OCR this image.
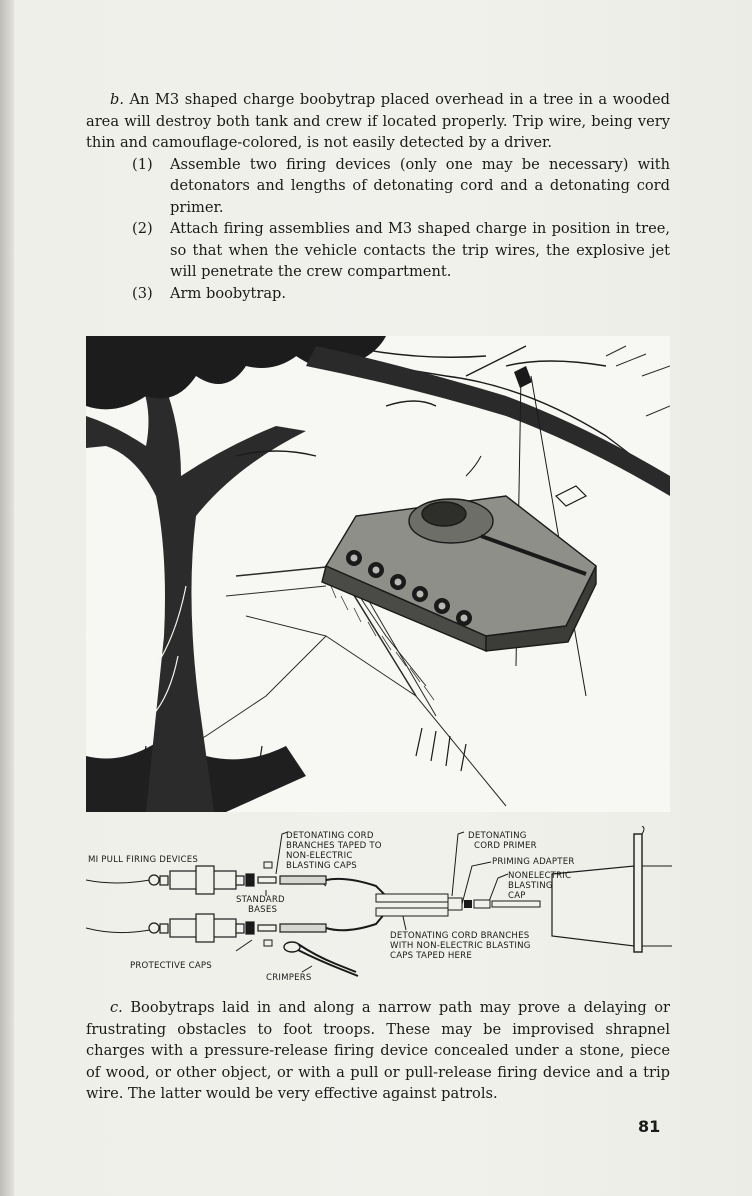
b. An M3 shaped charge boobytrap placed overhead in a tree in a wooded area will destroy both tank and crew if located properly. Trip wire, being very thin and camouflage-colored, is not easily detected by a driver.

(1) Assemble two firing devices (only one may be necessary) with detonators and lengths of detonating cord and a detonating cord primer.

(2) Attach firing assemblies and M3 shaped charge in position in tree, so that when the vehicle contacts the trip wires, the explosive jet will penetrate the crew compartment.

(3) Arm boobytrap.

MI PULL FIRING DEVICES
DETONATING CORD
BRANCHES TAPED TO
NON-ELECTRIC
BLASTING CAPS
DETONATING
CORD PRIMER
PRIMING ADAPTER
NONELECTRIC
BLASTING
CAP
STANDARD
BASES
DETONATING CORD BRANCHES
WITH NON-ELECTRIC BLASTING
CAPS TAPED HERE
PROTECTIVE CAPS
CRIMPERS

c. Boobytraps laid in and along a narrow path may prove a delaying or frustrating obstacles to foot troops. These may be improvised shrapnel charges with a pressure-release firing device concealed under a stone, piece of wood, or other object, or with a pull or pull-release firing device and a trip wire. The latter would be very effective against patrols.

81
